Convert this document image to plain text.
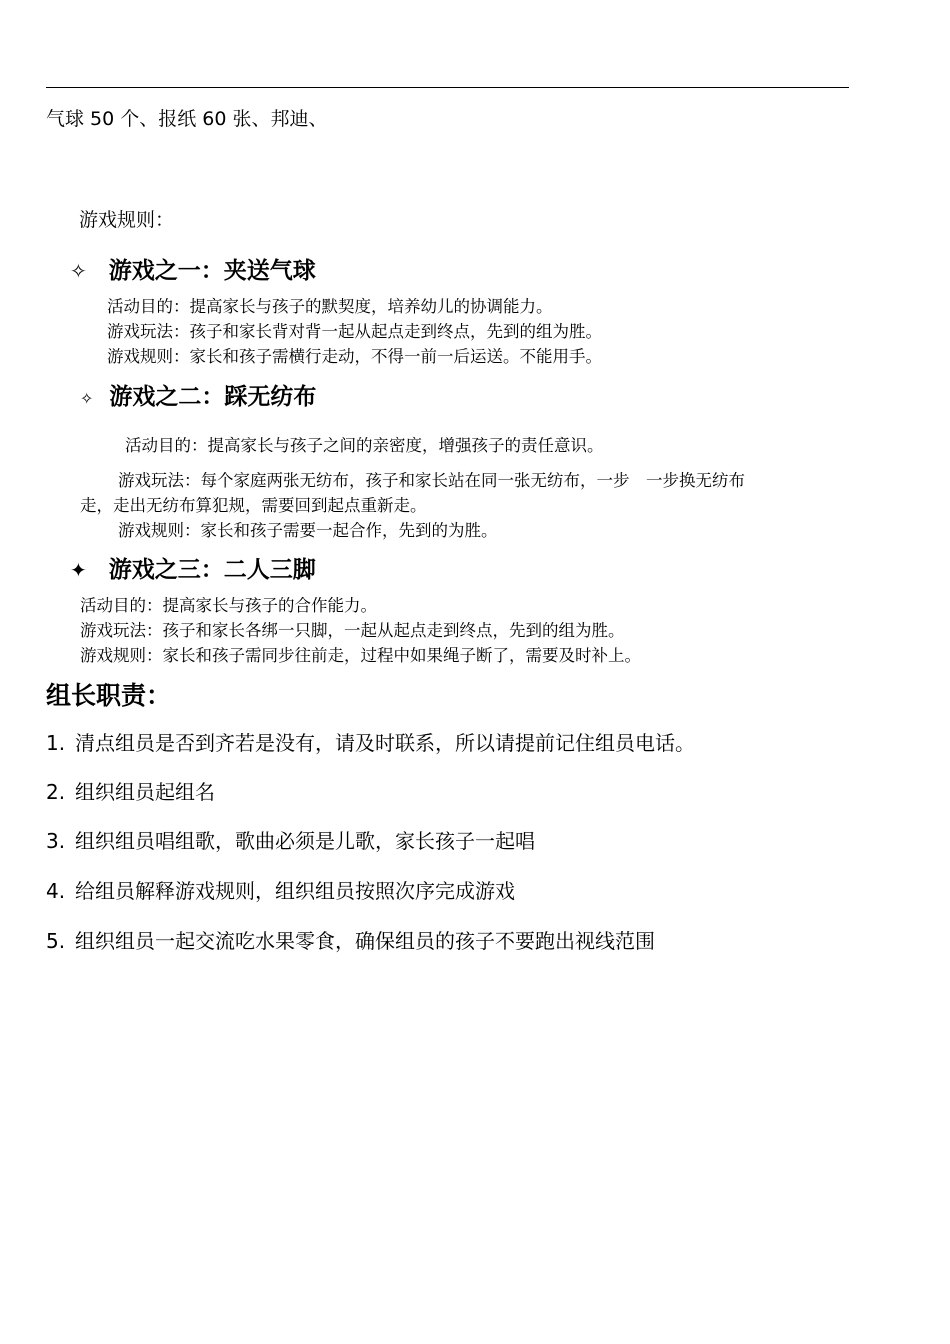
气球 50 个、报纸 60 张、邦迪、
游戏规则：
✧ 游戏之一：夹送气球
活动目的：提高家长与孩子的默契度，培养幼儿的协调能力。
游戏玩法：孩子和家长背对背一起从起点走到终点，先到的组为胜。
游戏规则：家长和孩子需横行走动，不得一前一后运送。不能用手。
✧ 游戏之二：踩无纺布
活动目的：提高家长与孩子之间的亲密度，增强孩子的责任意识。
游戏玩法：每个家庭两张无纺布，孩子和家长站在同一张无纺布，一步　一步换无纺布
走，走出无纺布算犯规，需要回到起点重新走。
游戏规则：家长和孩子需要一起合作，先到的为胜。
✦ 游戏之三：二人三脚
活动目的：提高家长与孩子的合作能力。
游戏玩法：孩子和家长各绑一只脚，一起从起点走到终点，先到的组为胜。
游戏规则：家长和孩子需同步往前走，过程中如果绳子断了，需要及时补上。
组长职责：
1. 清点组员是否到齐若是没有，请及时联系，所以请提前记住组员电话。
2. 组织组员起组名
3. 组织组员唱组歌，歌曲必须是儿歌，家长孩子一起唱
4. 给组员解释游戏规则，组织组员按照次序完成游戏
5. 组织组员一起交流吃水果零食，确保组员的孩子不要跑出视线范围
